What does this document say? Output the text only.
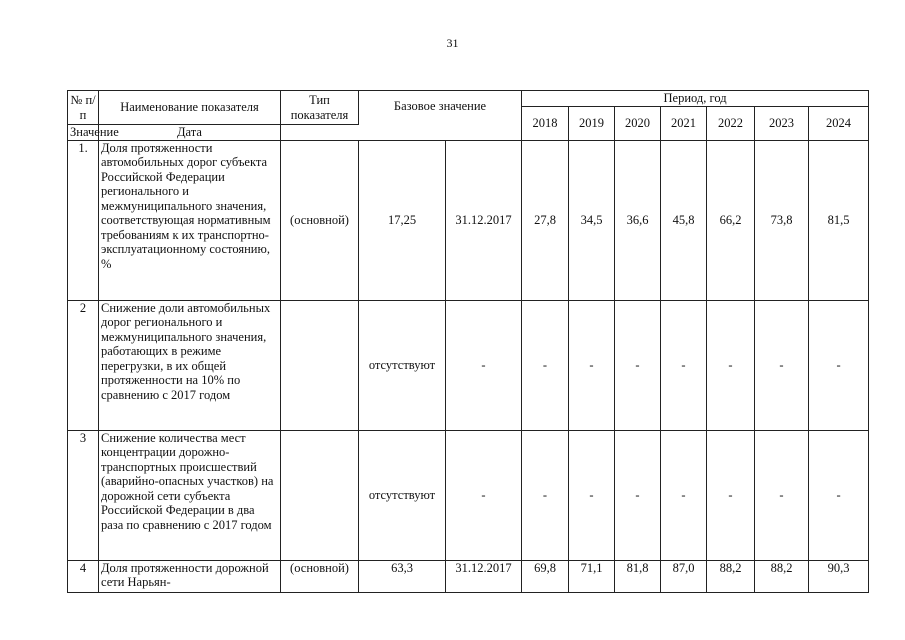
31
№ п/п	Наименование показателя	Тип показателя	Базовое значение		Период, год						
					2018	2019	2020	2021	2022	2023	2024
Значение	Дата										
1.	Доля протяженности автомобильных дорог субъекта Российской Федерации регионального и межмуниципального значения, соответствующая нормативным требованиям к их транспортно-эксплуатационному состоянию, %	(основной)	17,25	31.12.2017	27,8	34,5	36,6	45,8	66,2	73,8	81,5
2	Снижение доли автомобильных дорог регионального и межмуниципального значения, работающих в режиме перегрузки, в их общей протяженности на 10% по сравнению с 2017 годом		отсутствуют	-	-	-	-	-	-	-	-
3	Снижение количества мест концентрации дорожно-транспортных происшествий (аварийно-опасных участков) на дорожной сети субъекта Российской Федерации в два раза по сравнению с 2017 годом		отсутствуют	-	-	-	-	-	-	-	-
4	Доля протяженности дорожной сети Нарьян-	(основной)	63,3	31.12.2017	69,8	71,1	81,8	87,0	88,2	88,2	90,3
